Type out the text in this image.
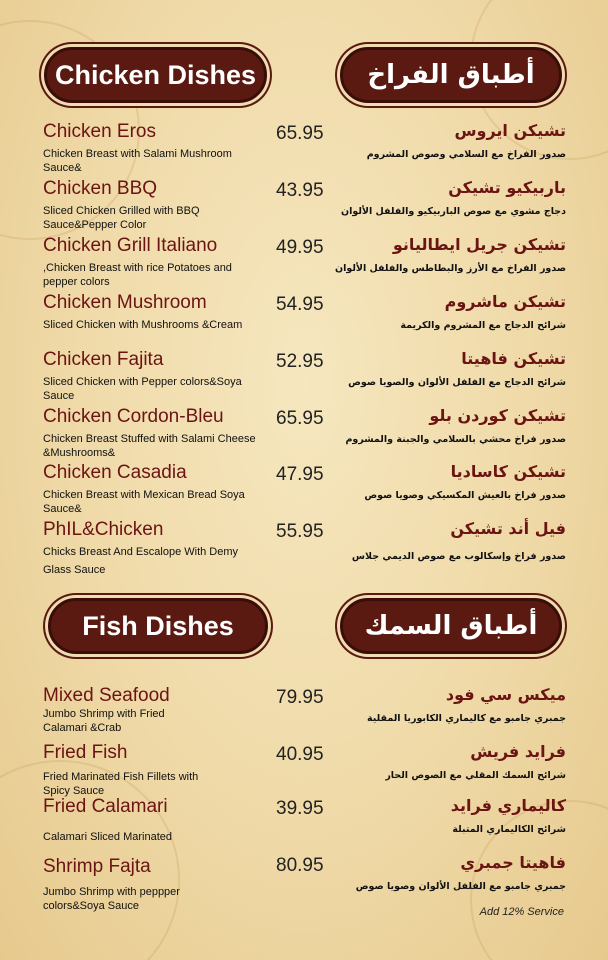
Chicken Dishes	أطباق الفراخ
Chicken Eros
Chicken Breast with Salami Mushroom Sauce&
65.95	تشيكن ايروس
صدور الفراخ مع السلامي وصوص المشروم
Chicken BBQ
Sliced Chicken Grilled with BBQ Sauce&Pepper Color
43.95	باربيكيو تشيكن
دجاج مشوي مع صوص الباربيكيو والفلفل الألوان
Chicken Grill Italiano
,Chicken Breast with rice Potatoes and pepper colors
49.95	تشيكن جريل ايطاليانو
صدور الفراخ مع الأرز والبطاطس والفلفل الألوان
Chicken Mushroom
Sliced Chicken with Mushrooms &Cream
54.95	تشيكن ماشروم
شرائح الدجاج مع المشروم والكريمة
Chicken Fajita
Sliced Chicken with Pepper colors&Soya Sauce
52.95	تشيكن فاهيتا
شرائح الدجاج مع الفلفل الألوان والصويا صوص
Chicken Cordon-Bleu
Chicken Breast Stuffed with Salami Cheese &Mushrooms&
65.95	تشيكن كوردن بلو
صدور فراخ محشي بالسلامي والجبنة والمشروم
Chicken Casadia
Chicken Breast with Mexican Bread Soya Sauce&
47.95	تشيكن كاساديا
صدور فراخ بالعيش المكسيكي وصويا صوص
PhIL&Chicken
Chicks Breast And Escalope With Demy Glass Sauce
55.95	فيل أند تشيكن
صدور فراخ وإسكالوب مع صوص الديمي جلاس
Fish Dishes	أطباق السمك
Mixed Seafood
Jumbo Shrimp with Fried Calamari &Crab
79.95	ميكس سي فود
جمبري جامبو مع كاليماري الكابوريا المقلية
Fried Fish
Fried Marinated Fish Fillets with Spicy Sauce
40.95	فرايد فريش
شرائح السمك المقلي مع الصوص الحار
Fried Calamari
Calamari Sliced Marinated
39.95	كاليماري فرايد
شرائح الكاليماري المتبلة
Shrimp Fajta
Jumbo Shrimp with peppper colors&Soya Sauce
80.95	فاهيتا جمبري
جمبري جامبو مع الفلفل الألوان وصويا صوص
Add 12% Service
